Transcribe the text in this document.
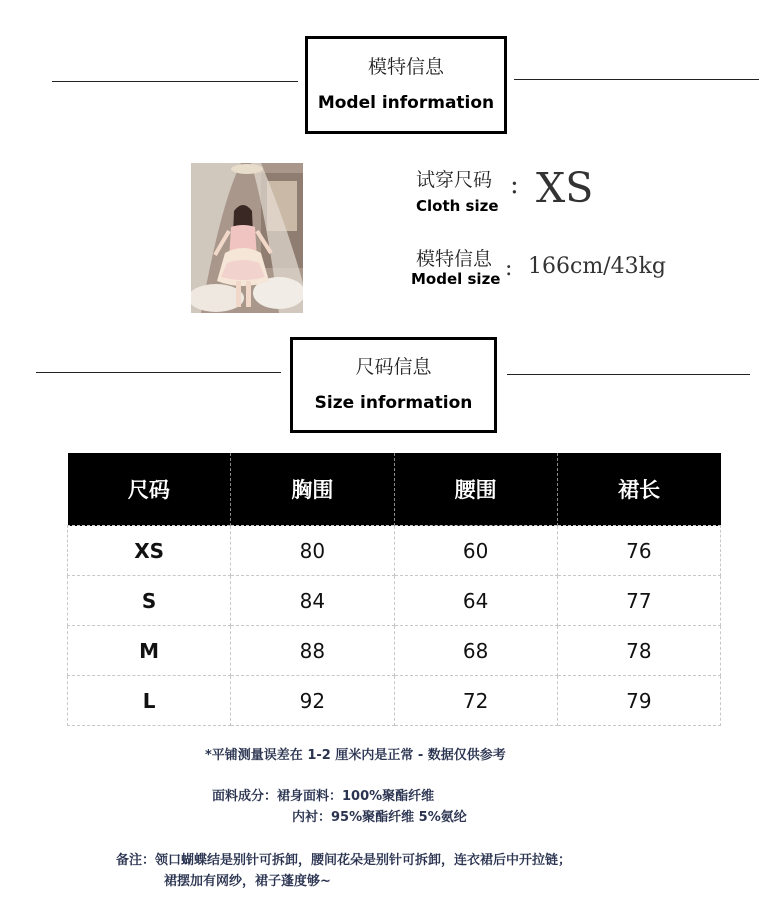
模特信息
Model information
试穿尺码
Cloth size
: XS
模特信息
Model size : 166cm/43kg
尺码信息
Size information
尺码	胸围	腰围	裙长
XS	80	60	76
S	84	64	77
M	88	68	78
L	92	72	79
*平铺测量误差在 1-2 厘米内是正常 - 数据仅供参考
面料成分：裙身面料：100%聚酯纤维
内衬：95%聚酯纤维 5%氨纶
备注：领口蝴蝶结是别针可拆卸，腰间花朵是别针可拆卸，连衣裙后中开拉链；
裙摆加有网纱，裙子蓬度够~
